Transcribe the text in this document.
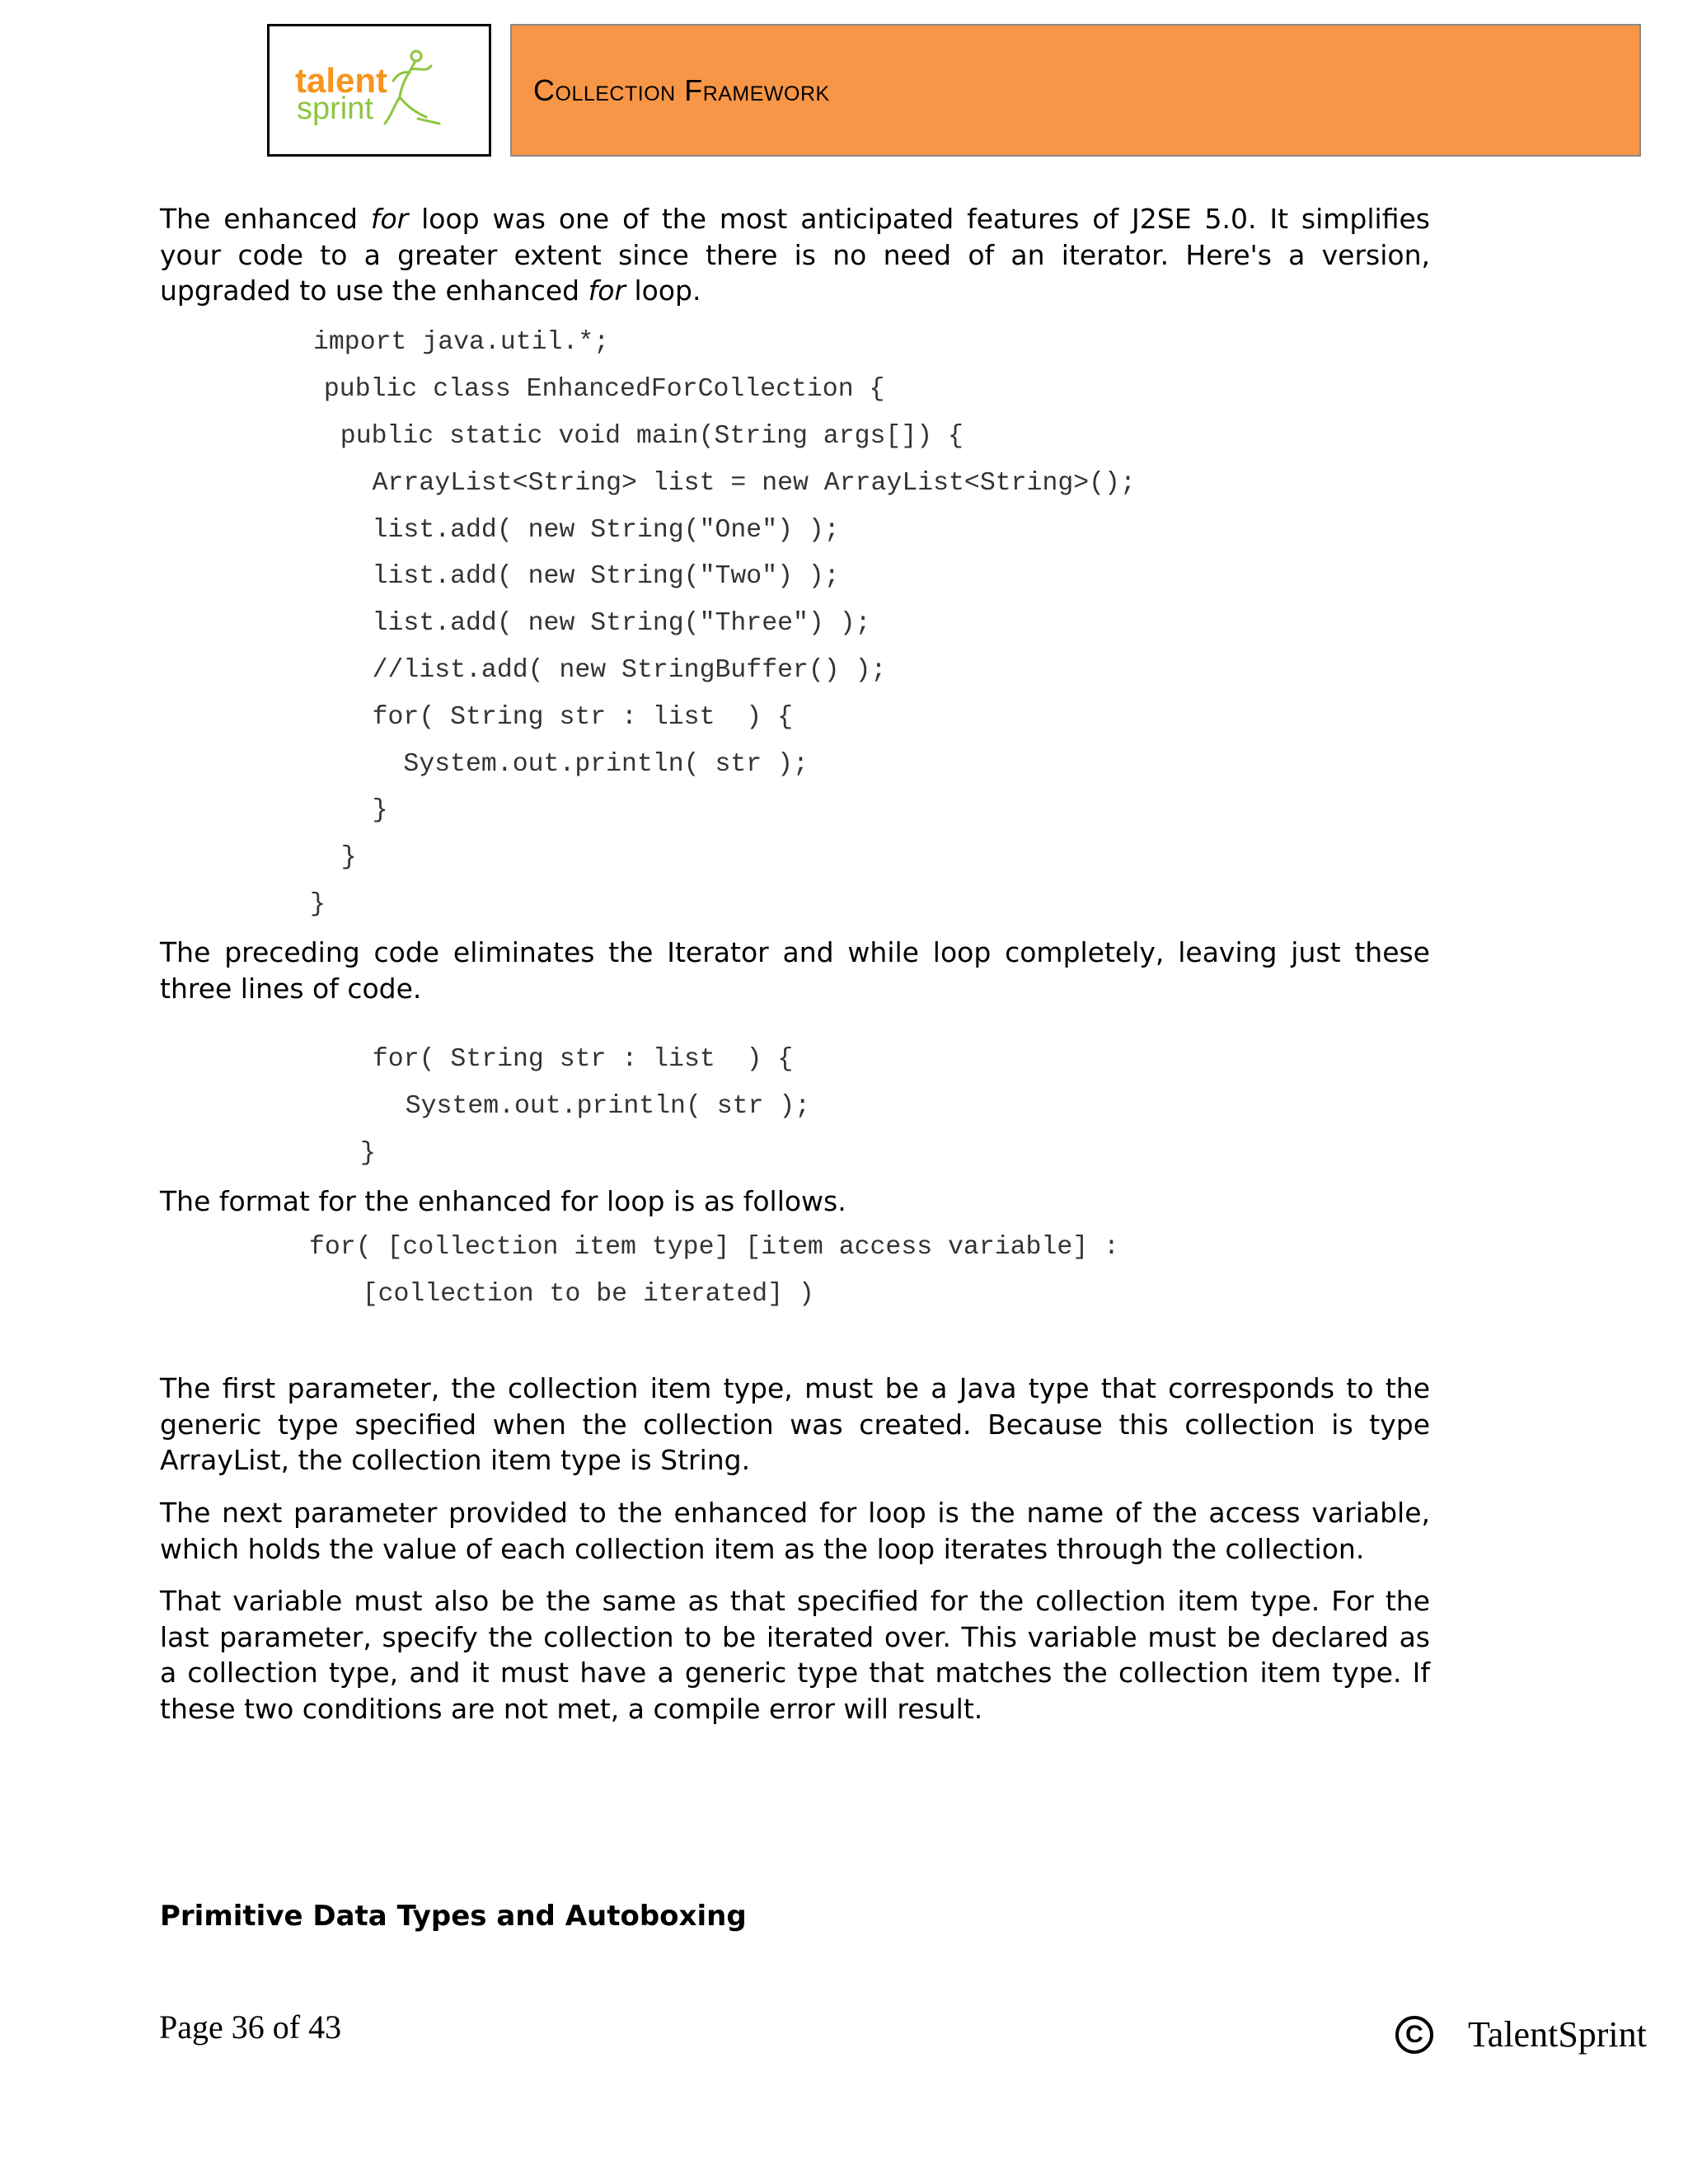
talent
sprint
Collection Framework

The enhanced for loop was one of the most anticipated features of J2SE 5.0. It simplifies your code to a greater extent since there is no need of an iterator. Here's a version, upgraded to use the enhanced for loop.

import java.util.*;
public class EnhancedForCollection {
public static void main(String args[]) {
ArrayList<String> list = new ArrayList<String>();
list.add( new String("One") );
list.add( new String("Two") );
list.add( new String("Three") );
//list.add( new StringBuffer() );
for( String str : list  ) {
System.out.println( str );
}
}
}

The preceding code eliminates the Iterator and while loop completely, leaving just these three lines of code.

for( String str : list  ) {
System.out.println( str );
}

The format for the enhanced for loop is as follows.

for( [collection item type] [item access variable] :
[collection to be iterated] )

The first parameter, the collection item type, must be a Java type that corresponds to the generic type specified when the collection was created. Because this collection is type ArrayList, the collection item type is String.

The next parameter provided to the enhanced for loop is the name of the access variable, which holds the value of each collection item as the loop iterates through the collection.

That variable must also be the same as that specified for the collection item type. For the last parameter, specify the collection to be iterated over. This variable must be declared as a collection type, and it must have a generic type that matches the collection item type. If these two conditions are not met, a compile error will result.

Primitive Data Types and Autoboxing
Page 36 of 43	C TalentSprint
